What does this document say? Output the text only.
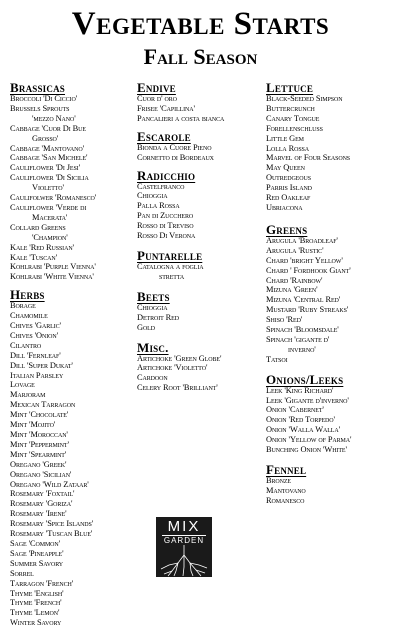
Vegetable Starts
Fall Season
Brassicas
Broccoli 'Di Ciccio'
Brussels Sprouts
'mezzo Nano'
Cabbage 'Cuor Di Bue
Grosso'
Cabbage 'Mantovano'
Cabbage 'San Michele'
Cauliflower 'Di Jesi'
Cauliflower 'Di Sicilia
Violetto'
Caulifolwer 'Romanesco'
Cauliflower 'Verde di
Macerata'
Collard Greens
'Champion'
Kale 'Red Russian'
Kale 'Tuscan'
Kohlrabi 'Purple Vienna'
Kohlrabi 'White Vienna'
Herbs
Borage
Chamomile
Chives 'Garlic'
Chives 'Onion'
Cilantro
Dill 'Fernleaf'
Dill 'Super Dukat'
Italian Parsley
Lovage
Marjoram
Mexican Tarragon
Mint 'Chocolate'
Mint 'Mojito'
Mint 'Moroccan'
Mint 'Peppermint'
Mint 'Spearmint'
Oregano 'Greek'
Oregano 'Sicilian'
Oregano 'Wild Zataar'
Rosemary 'Foxtail'
Rosemary 'Goriza'
Rosemary 'Irene'
Rosemary 'Spice Islands'
Rosemary 'Tuscan Blue'
Sage 'Common'
Sage 'Pineapple'
Summer Savory
Sorrel
Tarragon 'French'
Thyme 'English'
Thyme 'French'
Thyme 'Lemon'
Winter Savory
Endive
Cuor d' oro
Frisee 'Capillina'
Pancalieri a costa bianca
Escarole
Bionda a Cuore Pieno
Cornetto di Bordeaux
Radicchio
Castelfranco
Chioggia
Palla Rossa
Pan di Zucchero
Rosso di Treviso
Rosso Di Verona
Puntarelle
Catalogna a foglia
stretta
Beets
Chioggia
Detroit Red
Gold
Misc.
Artichoke 'Green Globe'
Artichoke 'Violetto'
Cardoon
Celery Root 'Brilliant'
Lettuce
Black-Seeded Simpson
Buttercrunch
Canary Tongue
Forellenschluss
Little Gem
Lolla Rossa
Marvel of Four Seasons
May Queen
Outredgeous
Parris Island
Red Oakleaf
Ubriacona
Greens
Arugula 'Broadleaf'
Arugula 'Rustic'
Chard 'bright Yellow'
Chard ' Fordhook Giant'
Chard 'Rainbow'
Mizuna 'Green'
Mizuna 'Central Red'
Mustard 'Ruby Streaks'
Shiso 'Red'
Spinach 'Bloomsdale'
Spinach 'gigante d'
inverno'
Tatsoi
Onions/Leeks
Leek 'King Richard'
Leek 'Gigante d'inverno'
Onion 'Cabernet'
Onion 'Red Torpedo'
Onion 'Walla Walla'
Onion 'Yellow of Parma'
Bunching Onion 'White'
Fennel
Bronze
Mantovano
Romanesco
MIX
GARDEN
